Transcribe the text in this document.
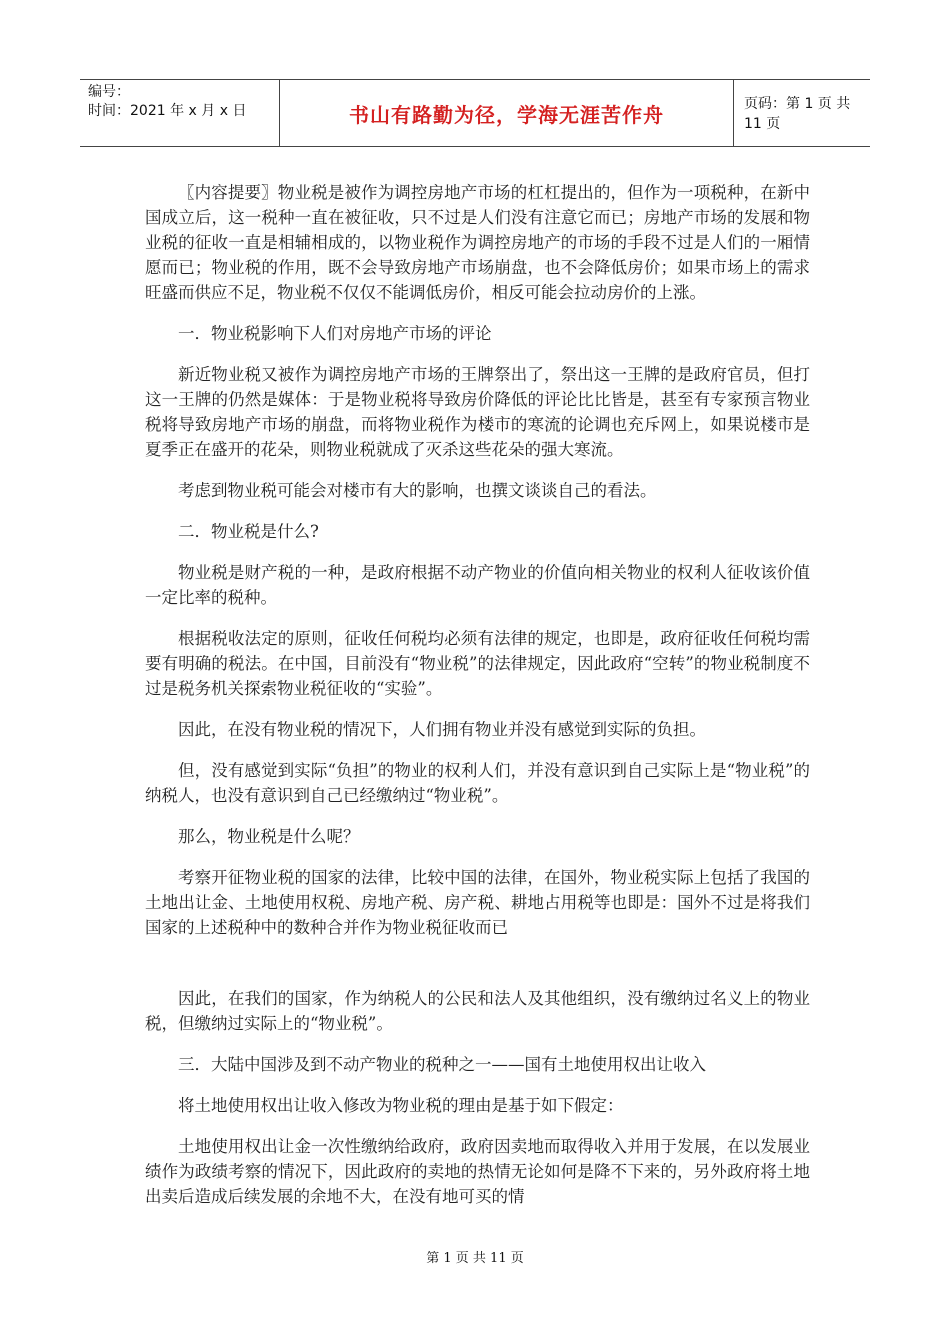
编号：
时间：2021 年 x 月 x 日	书山有路勤为径，学海无涯苦作舟	页码：第 1 页 共 11 页

〖内容提要〗物业税是被作为调控房地产市场的杠杠提出的，但作为一项税种，在新中国成立后，这一税种一直在被征收，只不过是人们没有注意它而已；房地产市场的发展和物业税的征收一直是相辅相成的，以物业税作为调控房地产的市场的手段不过是人们的一厢情愿而已；物业税的作用，既不会导致房地产市场崩盘，也不会降低房价；如果市场上的需求旺盛而供应不足，物业税不仅仅不能调低房价，相反可能会拉动房价的上涨。

一．物业税影响下人们对房地产市场的评论

新近物业税又被作为调控房地产市场的王牌祭出了，祭出这一王牌的是政府官员，但打这一王牌的仍然是媒体：于是物业税将导致房价降低的评论比比皆是，甚至有专家预言物业税将导致房地产市场的崩盘，而将物业税作为楼市的寒流的论调也充斥网上，如果说楼市是夏季正在盛开的花朵，则物业税就成了灭杀这些花朵的强大寒流。

考虑到物业税可能会对楼市有大的影响，也撰文谈谈自己的看法。

二．物业税是什么?

物业税是财产税的一种，是政府根据不动产物业的价值向相关物业的权利人征收该价值一定比率的税种。

根据税收法定的原则，征收任何税均必须有法律的规定，也即是，政府征收任何税均需要有明确的税法。在中国，目前没有“物业税”的法律规定，因此政府“空转”的物业税制度不过是税务机关探索物业税征收的“实验”。

因此，在没有物业税的情况下，人们拥有物业并没有感觉到实际的负担。

但，没有感觉到实际“负担”的物业的权利人们，并没有意识到自己实际上是“物业税”的纳税人，也没有意识到自己已经缴纳过“物业税”。

那么，物业税是什么呢？

考察开征物业税的国家的法律，比较中国的法律，在国外，物业税实际上包括了我国的土地出让金、土地使用权税、房地产税、房产税、耕地占用税等也即是：国外不过是将我们国家的上述税种中的数种合并作为物业税征收而已

因此，在我们的国家，作为纳税人的公民和法人及其他组织，没有缴纳过名义上的物业税，但缴纳过实际上的“物业税”。

三．大陆中国涉及到不动产物业的税种之一——国有土地使用权出让收入

将土地使用权出让收入修改为物业税的理由是基于如下假定：

土地使用权出让金一次性缴纳给政府，政府因卖地而取得收入并用于发展，在以发展业绩作为政绩考察的情况下，因此政府的卖地的热情无论如何是降不下来的，另外政府将土地出卖后造成后续发展的余地不大，在没有地可买的情

第 1 页 共 11 页
